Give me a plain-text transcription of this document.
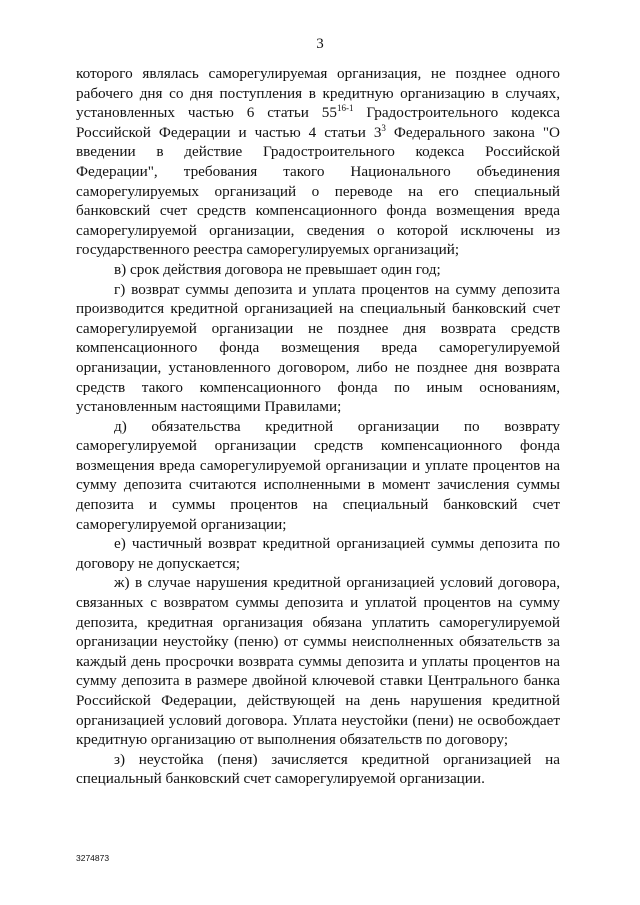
3

которого являлась саморегулируемая организация, не позднее одного рабочего дня со дня поступления в кредитную организацию в случаях, установленных частью 6 статьи 55$^{16-1}$ Градостроительного кодекса Российской Федерации и частью 4 статьи $3^3$ Федерального закона "О введении в действие Градостроительного кодекса Российской Федерации", требования такого Национального объединения саморегулируемых организаций о переводе на его специальный банковский счет средств компенсационного фонда возмещения вреда саморегулируемой организации, сведения о которой исключены из государственного реестра саморегулируемых организаций;

в) срок действия договора не превышает один год;

г) возврат суммы депозита и уплата процентов на сумму депозита производится кредитной организацией на специальный банковский счет саморегулируемой организации не позднее дня возврата средств компенсационного фонда возмещения вреда саморегулируемой организации, установленного договором, либо не позднее дня возврата средств такого компенсационного фонда по иным основаниям, установленным настоящими Правилами;

д) обязательства кредитной организации по возврату саморегулируемой организации средств компенсационного фонда возмещения вреда саморегулируемой организации и уплате процентов на сумму депозита считаются исполненными в момент зачисления суммы депозита и суммы процентов на специальный банковский счет саморегулируемой организации;

е) частичный возврат кредитной организацией суммы депозита по договору не допускается;

ж) в случае нарушения кредитной организацией условий договора, связанных с возвратом суммы депозита и уплатой процентов на сумму депозита, кредитная организация обязана уплатить саморегулируемой организации неустойку (пеню) от суммы неисполненных обязательств за каждый день просрочки возврата суммы депозита и уплаты процентов на сумму депозита в размере двойной ключевой ставки Центрального банка Российской Федерации, действующей на день нарушения кредитной организацией условий договора. Уплата неустойки (пени) не освобождает кредитную организацию от выполнения обязательств по договору;

з) неустойка (пеня) зачисляется кредитной организацией на специальный банковский счет саморегулируемой организации.

3274873
